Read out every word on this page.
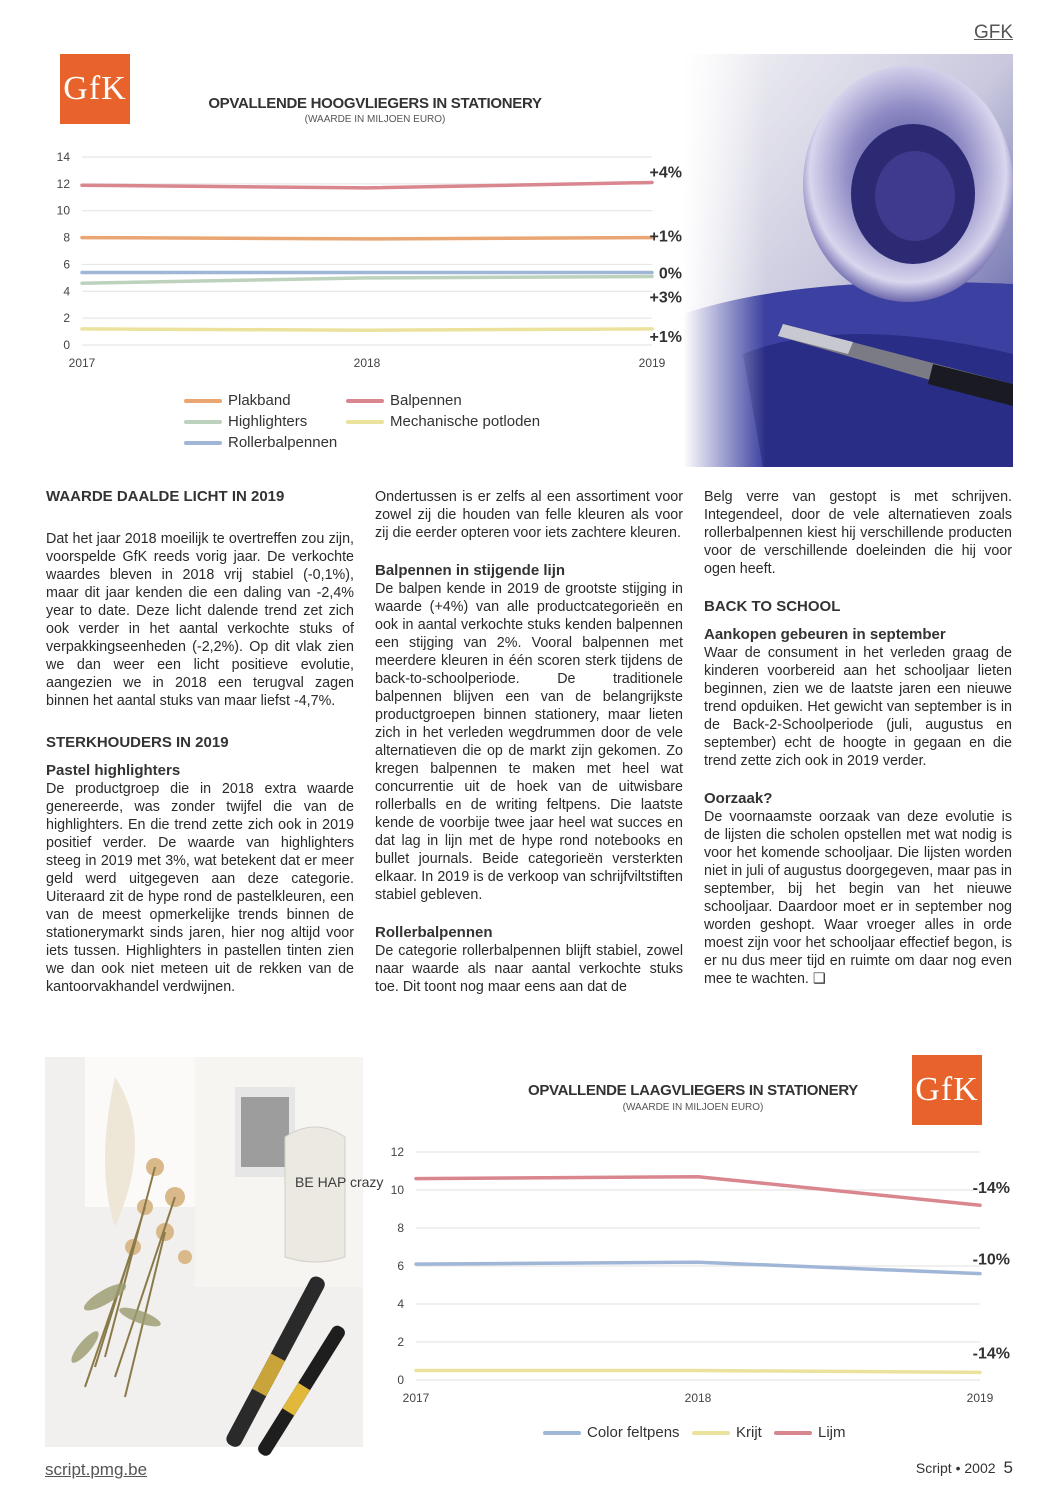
GFK
GfK	OPVALLENDE HOOGVLIEGERS IN STATIONERY
(WAARDE IN MILJOEN EURO)
0
2
4
6
8
10
12
14
2017	2018	2019
+4%
+1%
0%
+3%
+1%
Plakband	Balpennen
Highlighters	Mechanische potloden
Rollerbalpennen

WAARDE DAALDE LICHT IN 2019

Dat het jaar 2018 moeilijk te overtreffen zou zijn, voorspelde GfK reeds vorig jaar. De verkochte waardes bleven in 2018 vrij stabiel (-0,1%), maar dit jaar kenden die een daling van -2,4% year to date. Deze licht dalende trend zet zich ook verder in het aantal verkochte stuks of verpakkingseenheden (-2,2%). Op dit vlak zien we dan weer een licht positieve evolutie, aangezien we in 2018 een terugval zagen binnen het aantal stuks van maar liefst -4,7%.

STERKHOUDERS IN 2019

Pastel highlighters

De productgroep die in 2018 extra waarde genereerde, was zonder twijfel die van de highlighters. En die trend zette zich ook in 2019 positief verder. De waarde van highlighters steeg in 2019 met 3%, wat betekent dat er meer geld werd uitgegeven aan deze categorie. Uiteraard zit de hype rond de pastelkleuren, een van de meest opmerkelijke trends binnen de stationerymarkt sinds jaren, hier nog altijd voor iets tussen. Highlighters in pastellen tinten zien we dan ook niet meteen uit de rekken van de kantoorvakhandel verdwijnen.

Ondertussen is er zelfs al een assortiment voor zowel zij die houden van felle kleuren als voor zij die eerder opteren voor iets zachtere kleuren.

Balpennen in stijgende lijn

De balpen kende in 2019 de grootste stijging in waarde (+4%) van alle productcategorieën en ook in aantal verkochte stuks kenden balpennen een stijging van 2%. Vooral balpennen met meerdere kleuren in één scoren sterk tijdens de back-to-schoolperiode. De traditionele balpennen blijven een van de belangrijkste productgroepen binnen stationery, maar lieten zich in het verleden wegdrummen door de vele alternatieven die op de markt zijn gekomen. Zo kregen balpennen te maken met heel wat concurrentie uit de hoek van de uitwisbare rollerballs en de writing feltpens. Die laatste kende de voorbije twee jaar heel wat succes en dat lag in lijn met de hype rond notebooks en bullet journals. Beide categorieën versterkten elkaar. In 2019 is de verkoop van schrijfviltstiften stabiel gebleven.

Rollerbalpennen

De categorie rollerbalpennen blijft stabiel, zowel naar waarde als naar aantal verkochte stuks toe. Dit toont nog maar eens aan dat de

Belg verre van gestopt is met schrijven. Integendeel, door de vele alternatieven zoals rollerbalpennen kiest hij verschillende producten voor de verschillende doeleinden die hij voor ogen heeft.

BACK TO SCHOOL

Aankopen gebeuren in september

Waar de consument in het verleden graag de kinderen voorbereid aan het schooljaar lieten beginnen, zien we de laatste jaren een nieuwe trend opduiken. Het gewicht van september is in de Back-2-Schoolperiode (juli, augustus en september) echt de hoogte in gegaan en die trend zette zich ook in 2019 verder.

Oorzaak?

De voornaamste oorzaak van deze evolutie is de lijsten die scholen opstellen met wat nodig is voor het komende schooljaar. Die lijsten worden niet in juli of augustus doorgegeven, maar pas in september, bij het begin van het nieuwe schooljaar. Daardoor moet er in september nog worden geshopt. Waar vroeger alles in orde moest zijn voor het schooljaar effectief begon, is er nu dus meer tijd en ruimte om daar nog even mee te wachten. ❑

BE HAP crazy
OPVALLENDE LAAGVLIEGERS IN STATIONERY
(WAARDE IN MILJOEN EURO)	GfK
0
2
4
6
8
10
12
2017	2018	2019
-14%
-10%
-14%
Color feltpens	Krijt	Lijm
script.pmg.be	Script • 2002 5
